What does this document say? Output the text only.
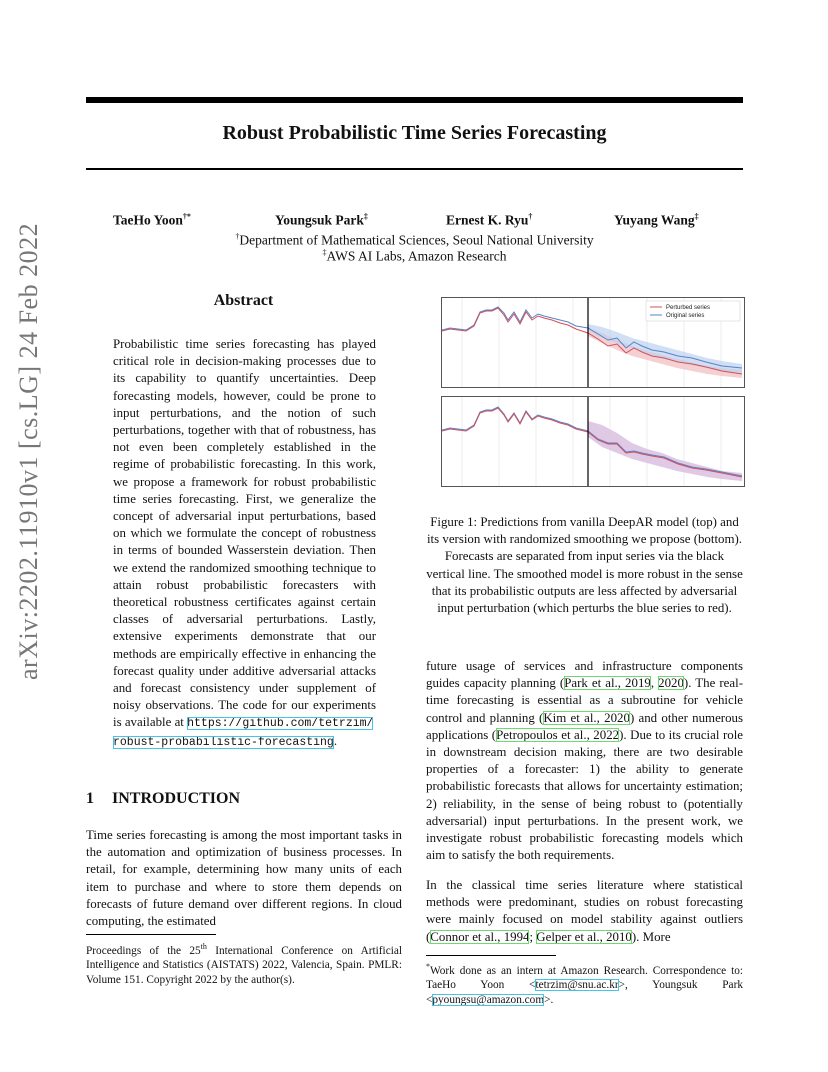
Robust Probabilistic Time Series Forecasting
TaeHo Yoon†*	Youngsuk Park‡	Ernest K. Ryu†	Yuyang Wang‡
†Department of Mathematical Sciences, Seoul National University
‡AWS AI Labs, Amazon Research
arXiv:2202.11910v1 [cs.LG] 24 Feb 2022	Abstract
Probabilistic time series forecasting has played critical role in decision-making processes due to its capability to quantify uncertainties. Deep forecasting models, however, could be prone to input perturbations, and the notion of such perturbations, together with that of robustness, has not even been completely established in the regime of probabilistic forecasting. In this work, we propose a framework for robust probabilistic time series forecasting. First, we generalize the concept of adversarial input perturbations, based on which we formulate the concept of robustness in terms of bounded Wasserstein deviation. Then we extend the randomized smoothing technique to attain robust probabilistic forecasters with theoretical robustness certificates against certain classes of adversarial perturbations. Lastly, extensive experiments demonstrate that our methods are empirically effective in enhancing the forecast quality under additive adversarial attacks and forecast consistency under supplement of noisy observations. The code for our experiments is available at https://github.com/tetrzim/
robust-probabilistic-forecasting.
1 INTRODUCTION
Time series forecasting is among the most important tasks in the automation and optimization of business processes. In retail, for example, determining how many units of each item to purchase and where to store them depends on forecasts of future demand over different regions. In cloud computing, the estimated
Proceedings of the 25th International Conference on Artificial Intelligence and Statistics (AISTATS) 2022, Valencia, Spain. PMLR: Volume 151. Copyright 2022 by the author(s).
Perturbed series
Original series
Figure 1: Predictions from vanilla DeepAR model (top) and its version with randomized smoothing we propose (bottom). Forecasts are separated from input series via the black vertical line. The smoothed model is more robust in the sense that its probabilistic outputs are less affected by adversarial input perturbation (which perturbs the blue series to red).
future usage of services and infrastructure components guides capacity planning (Park et al., 2019, 2020). The real-time forecasting is essential as a subroutine for vehicle control and planning (Kim et al., 2020) and other numerous applications (Petropoulos et al., 2022). Due to its crucial role in downstream decision making, there are two desirable properties of a forecaster: 1) the ability to generate probabilistic forecasts that allows for uncertainty estimation; 2) reliability, in the sense of being robust to (potentially adversarial) input perturbations. In the present work, we investigate robust probabilistic forecasting models which aim to satisfy the both requirements.
In the classical time series literature where statistical methods were predominant, studies on robust forecasting were mainly focused on model stability against outliers (Connor et al., 1994; Gelper et al., 2010). More
*Work done as an intern at Amazon Research. Correspondence to: TaeHo Yoon <tetrzim@snu.ac.kr>, Youngsuk Park <pyoungsu@amazon.com>.
